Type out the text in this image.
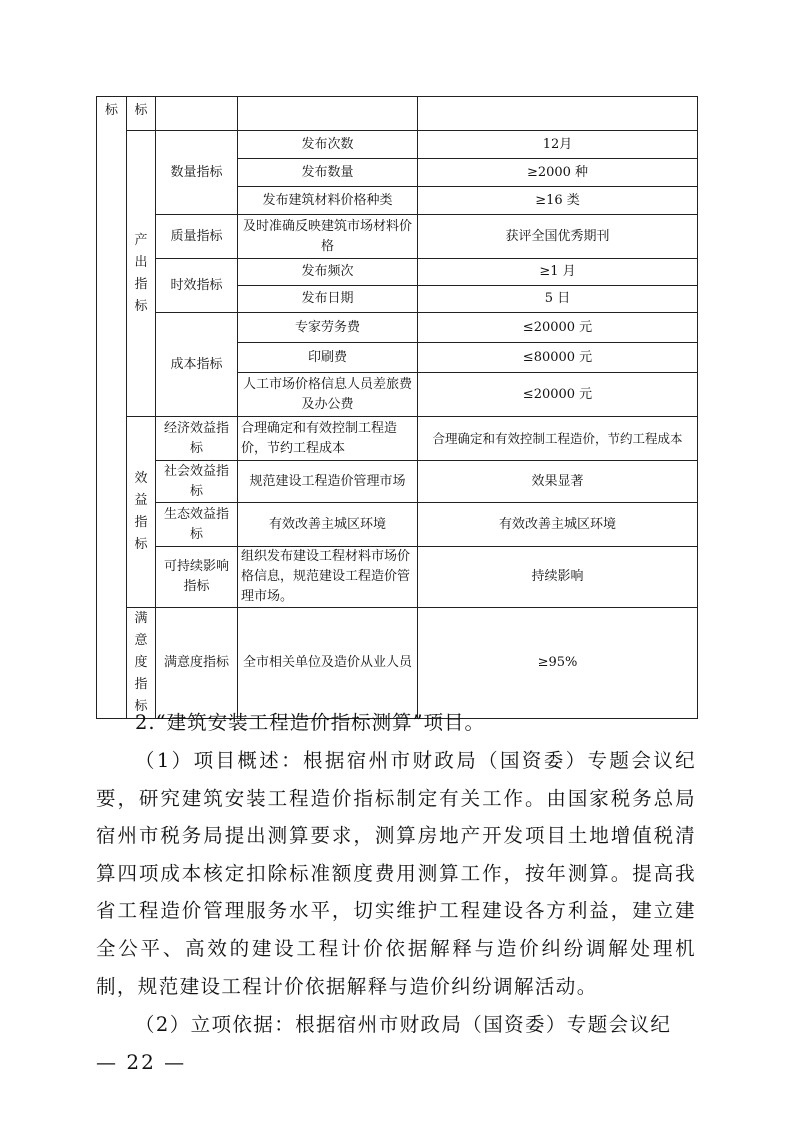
标	标			
	产出指标	数量指标	发布次数	12月
			发布数量	≥2000 种
			发布建筑材料价格种类	≥16 类
		质量指标	及时准确反映建筑市场材料价格	获评全国优秀期刊
		时效指标	发布频次	≥1 月
			发布日期	5 日
		成本指标	专家劳务费	≤20000 元
			印刷费	≤80000 元
			人工市场价格信息人员差旅费及办公费	≤20000 元
	效益指标	经济效益指标	合理确定和有效控制工程造价，节约工程成本	合理确定和有效控制工程造价，节约工程成本
		社会效益指标	规范建设工程造价管理市场	效果显著
		生态效益指标	有效改善主城区环境	有效改善主城区环境
		可持续影响指标	组织发布建设工程材料市场价格信息，规范建设工程造价管理市场。	持续影响
	满意度指标	满意度指标	全市相关单位及造价从业人员	≥95%
2.“建筑安装工程造价指标测算”项目。
（1）项目概述：根据宿州市财政局（国资委）专题会议纪要，研究建筑安装工程造价指标制定有关工作。由国家税务总局宿州市税务局提出测算要求，测算房地产开发项目土地增值税清算四项成本核定扣除标准额度费用测算工作，按年测算。提高我省工程造价管理服务水平，切实维护工程建设各方利益，建立建全公平、高效的建设工程计价依据解释与造价纠纷调解处理机制，规范建设工程计价依据解释与造价纠纷调解活动。
（2）立项依据：根据宿州市财政局（国资委）专题会议纪
— 22 —
